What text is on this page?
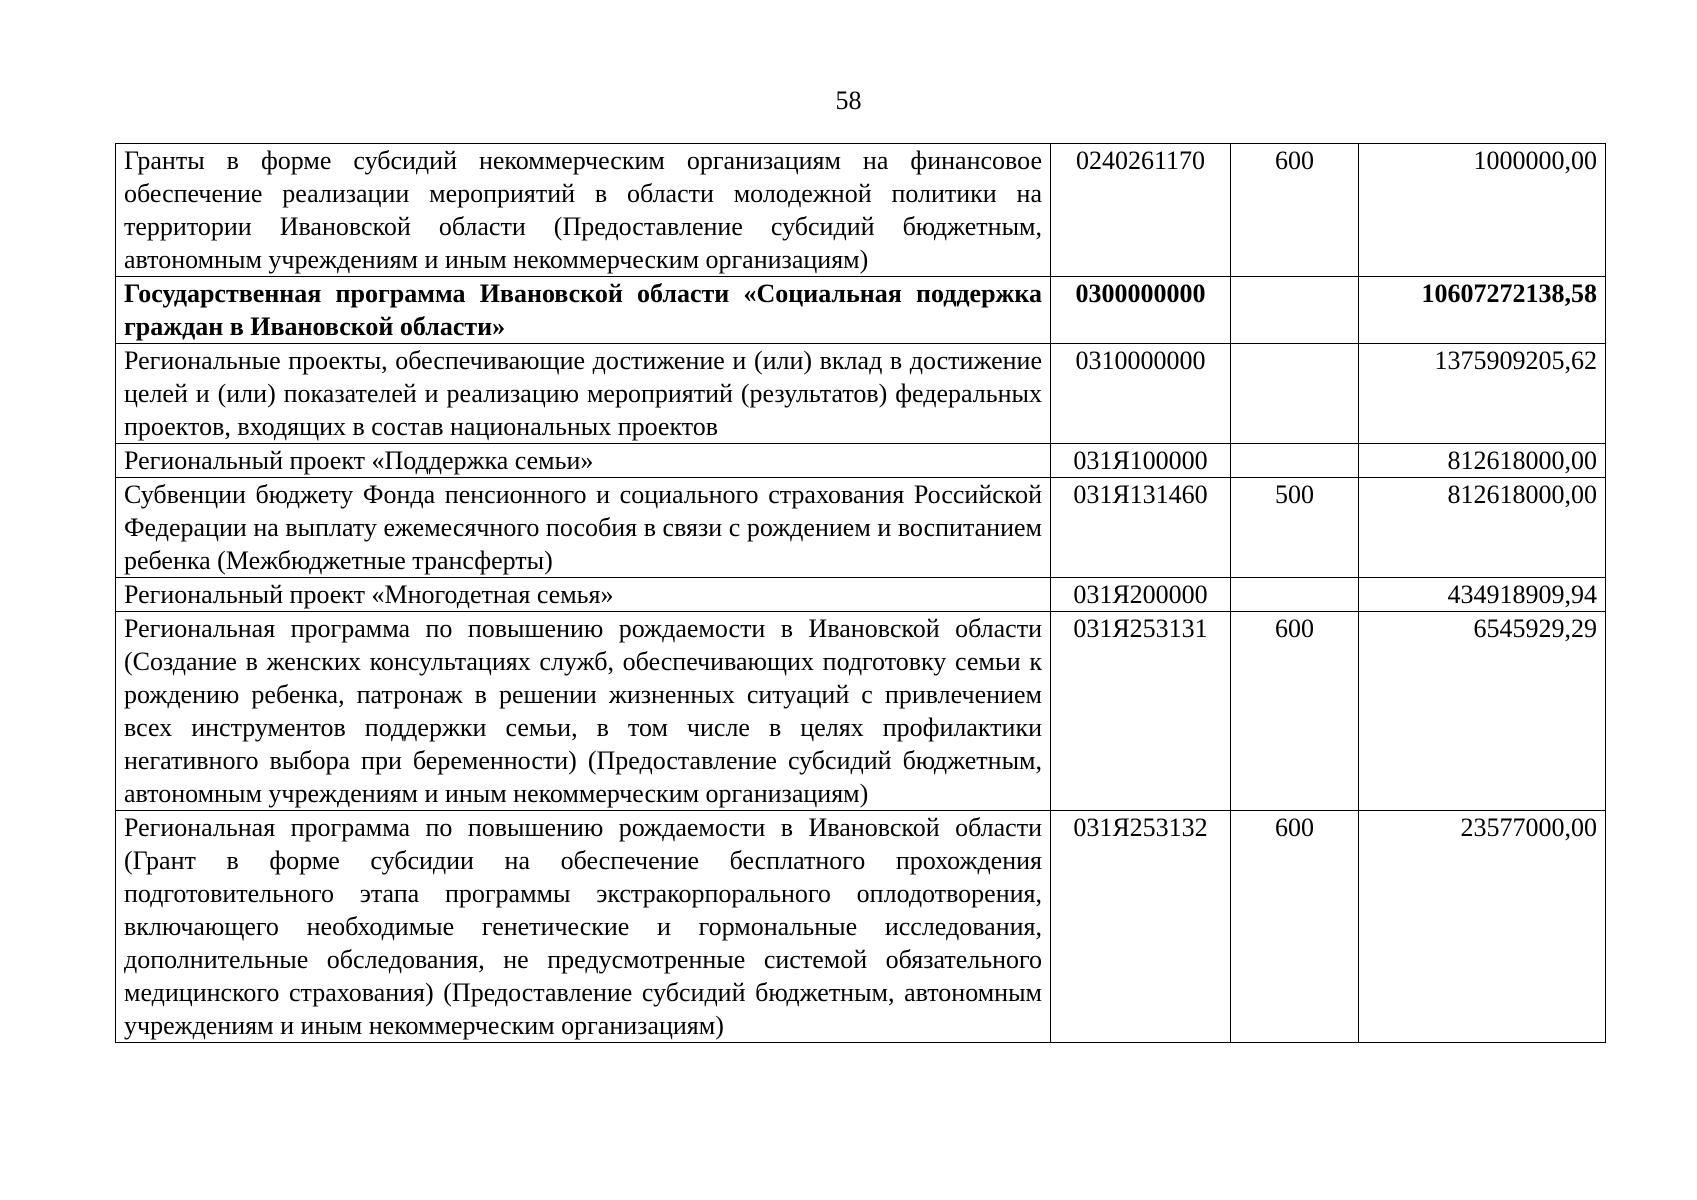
58
Гранты в форме субсидий некоммерческим организациям на финансовое обеспечение реализации мероприятий в области молодежной политики на территории Ивановской области (Предоставление субсидий бюджетным, автономным учреждениям и иным некоммерческим организациям)	0240261170	600	1000000,00
Государственная программа Ивановской области «Социальная поддержка граждан в Ивановской области»	0300000000		10607272138,58
Региональные проекты, обеспечивающие достижение и (или) вклад в достижение целей и (или) показателей и реализацию мероприятий (результатов) федеральных проектов, входящих в состав национальных проектов	0310000000		1375909205,62
Региональный проект «Поддержка семьи»	031Я100000		812618000,00
Субвенции бюджету Фонда пенсионного и социального страхования Российской Федерации на выплату ежемесячного пособия в связи с рождением и воспитанием ребенка (Межбюджетные трансферты)	031Я131460	500	812618000,00
Региональный проект «Многодетная семья»	031Я200000		434918909,94
Региональная программа по повышению рождаемости в Ивановской области (Создание в женских консультациях служб, обеспечивающих подготовку семьи к рождению ребенка, патронаж в решении жизненных ситуаций с привлечением всех инструментов поддержки семьи, в том числе в целях профилактики негативного выбора при беременности) (Предоставление субсидий бюджетным, автономным учреждениям и иным некоммерческим организациям)	031Я253131	600	6545929,29
Региональная программа по повышению рождаемости в Ивановской области (Грант в форме субсидии на обеспечение бесплатного прохождения подготовительного этапа программы экстракорпорального оплодотворения, включающего необходимые генетические и гормональные исследования, дополнительные обследования, не предусмотренные системой обязательного медицинского страхования) (Предоставление субсидий бюджетным, автономным учреждениям и иным некоммерческим организациям)	031Я253132	600	23577000,00
